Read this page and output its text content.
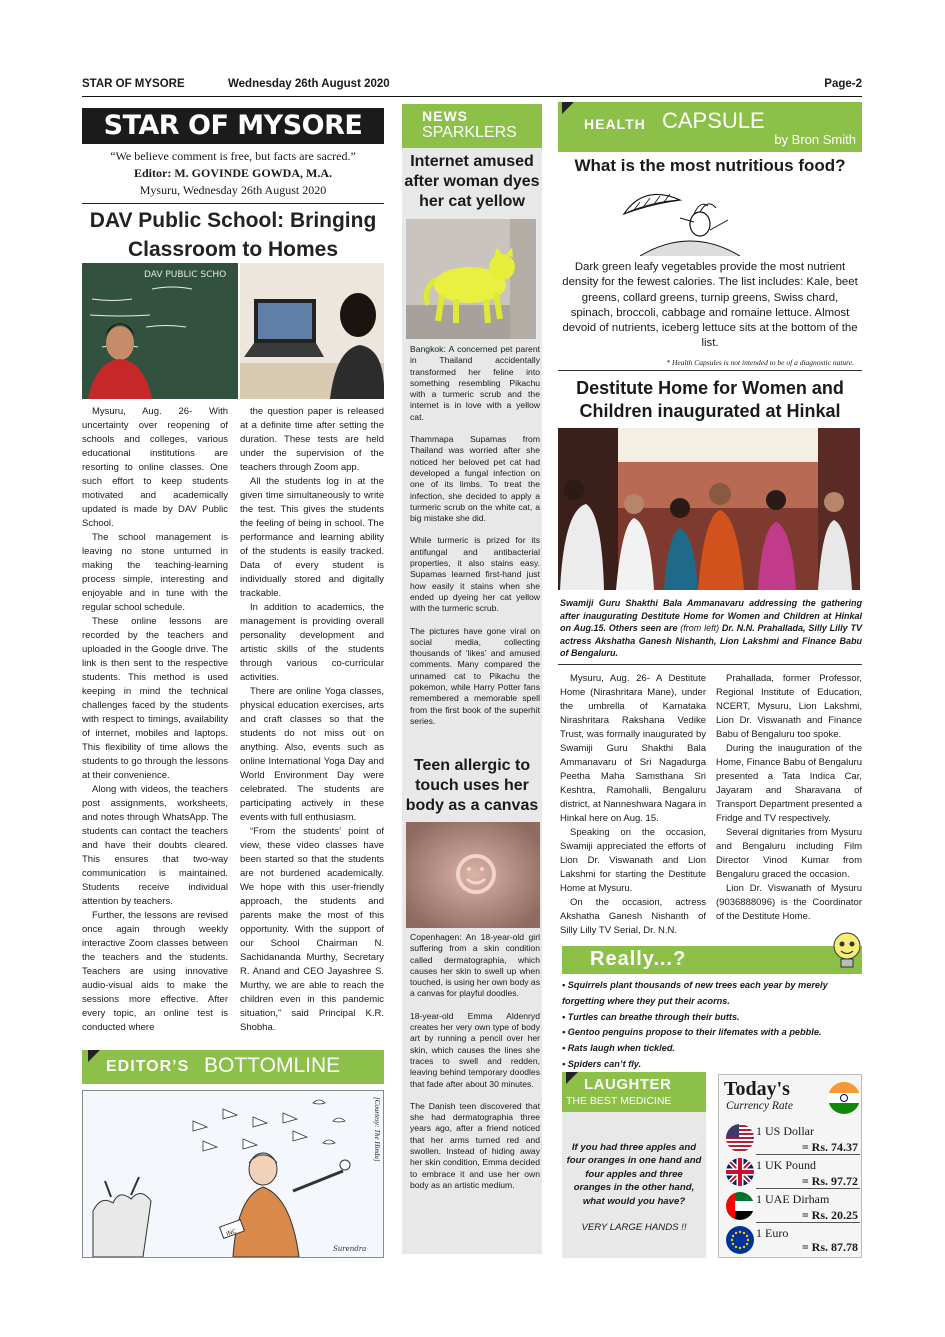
STAR OF MYSORE	Wednesday 26th August 2020	Page-2
STAR OF MYSORE
“We believe comment is free, but facts are sacred.”
Editor: M. GOVINDE GOWDA, M.A.
Mysuru, Wednesday 26th August 2020
DAV Public School: Bringing Classroom to Homes
DAV PUBLIC SCHO

Mysuru, Aug. 26- With uncertainty over reopening of schools and colleges, various educational institutions are resorting to online classes. One such effort to keep students motivated and academically updated is made by DAV Public School.

The school management is leaving no stone unturned in making the teaching-learning process simple, interesting and enjoyable and in tune with the regular school schedule.

These online lessons are recorded by the teachers and uploaded in the Google drive. The link is then sent to the respective students. This method is used keeping in mind the technical challenges faced by the students with respect to timings, availability of internet, mobiles and laptops. This flexibility of time allows the students to go through the lessons at their convenience.

Along with videos, the teachers post assignments, worksheets, and notes through WhatsApp. The students can contact the teachers and have their doubts cleared. This ensures that two-way communication is maintained. Students receive individual attention by teachers.

Further, the lessons are revised once again through weekly interactive Zoom classes between the teachers and the students. Teachers are using innovative audio-visual aids to make the sessions more effective. After every topic, an online test is conducted where

the question paper is released at a definite time after setting the duration. These tests are held under the supervision of the teachers through Zoom app.

All the students log in at the given time simultaneously to write the test. This gives the students the feeling of being in school. The performance and learning ability of the students is easily tracked. Data of every student is individually stored and digitally trackable.

In addition to academics, the management is providing overall personality development and artistic skills of the students through various co-curricular activities.

There are online Yoga classes, physical education exercises, arts and craft classes so that the students do not miss out on anything. Also, events such as online International Yoga Day and World Environment Day were celebrated. The students are participating actively in these events with full enthusiasm.

“From the students’ point of view, these video classes have been started so that the students are not burdened academically. We hope with this user-friendly approach, the students and parents make the most of this opportunity. With the support of our School Chairman N. Sachidananda Murthy, Secretary R. Anand and CEO Jayashree S. Murthy, we are able to reach the children even in this pandemic situation,” said Principal K.R. Shobha.

EDITOR’S BOTTOMLINE
INC
Surendra
[Courtesy: The Hindu]
NEWS
SPARKLERS
Internet amused after woman dyes her cat yellow

Bangkok: A concerned pet parent in Thailand accidentally transformed her feline into something resembling Pikachu with a turmeric scrub and the internet is in love with a yellow cat.

Thammapa Supamas from Thailand was worried after she noticed her beloved pet cat had developed a fungal infection on one of its limbs. To treat the infection, she decided to apply a turmeric scrub on the white cat, a big mistake she did.

While turmeric is prized for its antifungal and antibacterial properties, it also stains easy. Supamas learned first-hand just how easily it stains when she ended up dyeing her cat yellow with the turmeric scrub.

The pictures have gone viral on social media, collecting thousands of ‘likes’ and amused comments. Many compared the unnamed cat to Pikachu the pokemon, while Harry Potter fans remembered a memorable spell from the first book of the superhit series.

Teen allergic to touch uses her body as a canvas

Copenhagen: An 18-year-old girl suffering from a skin condition called dermatographia, which causes her skin to swell up when touched, is using her own body as a canvas for playful doodles.

18-year-old Emma Aldenryd creates her very own type of body art by running a pencil over her skin, which causes the lines she traces to swell and redden, leaving behind temporary doodles that fade after about 30 minutes.

The Danish teen discovered that she had dermatographia three years ago, after a friend noticed that her arms turned red and swollen. Instead of hiding away her skin condition, Emma decided to embrace it and use her own body as an artistic medium.

HEALTH CAPSULE
by Bron Smith
What is the most nutritious food?
Dark green leafy vegetables provide the most nutrient density for the fewest calories. The list includes: Kale, beet greens, collard greens, turnip greens, Swiss chard, spinach, broccoli, cabbage and romaine lettuce. Almost devoid of nutrients, iceberg lettuce sits at the bottom of the list.
* Health Capsules is not intended to be of a diagnostic nature.
Destitute Home for Women and Children inaugurated at Hinkal
Swamiji Guru Shakthi Bala Ammanavaru addressing the gathering after inaugurating Destitute Home for Women and Children at Hinkal on Aug.15. Others seen are (from left) Dr. N.N. Prahallada, Silly Lilly TV actress Akshatha Ganesh Nishanth, Lion Lakshmi and Finance Babu of Bengaluru.

Mysuru, Aug. 26- A Destitute Home (Nirashritara Mane), under the umbrella of Karnataka Nirashritara Rakshana Vedike Trust, was formally inaugurated by Swamiji Guru Shakthi Bala Ammanavaru of Sri Nagadurga Peetha Maha Samsthana Sri Keshtra, Ramohalli, Bengaluru district, at Nanneshwara Nagara in Hinkal here on Aug. 15.

Speaking on the occasion, Swamiji appreciated the efforts of Lion Dr. Viswanath and Lion Lakshmi for starting the Destitute Home at Mysuru.

On the occasion, actress Akshatha Ganesh Nishanth of Silly Lilly TV Serial, Dr. N.N.

Prahallada, former Professor, Regional Institute of Education, NCERT, Mysuru, Lion Lakshmi, Lion Dr. Viswanath and Finance Babu of Bengaluru too spoke.

During the inauguration of the Home, Finance Babu of Bengaluru presented a Tata Indica Car, Jayaram and Sharavana of Transport Department presented a Fridge and TV respectively.

Several dignitaries from Mysuru and Bengaluru including Film Director Vinod Kumar from Bengaluru graced the occasion.

Lion Dr. Viswanath of Mysuru (9036888096) is the Coordinator of the Destitute Home.

Really...?
• Squirrels plant thousands of new trees each year by merely forgetting where they put their acorns.
• Turtles can breathe through their butts.
• Gentoo penguins propose to their lifemates with a pebble.
• Rats laugh when tickled.
• Spiders can’t fly.
LAUGHTER
THE BEST MEDICINE
If you had three apples and four oranges in one hand and four apples and three oranges in the other hand, what would you have?
VERY LARGE HANDS !!
Today's
Currency Rate
1 US Dollar
= Rs. 74.37
1 UK Pound
= Rs. 97.72
1 UAE Dirham
= Rs. 20.25
1 Euro
= Rs. 87.78
